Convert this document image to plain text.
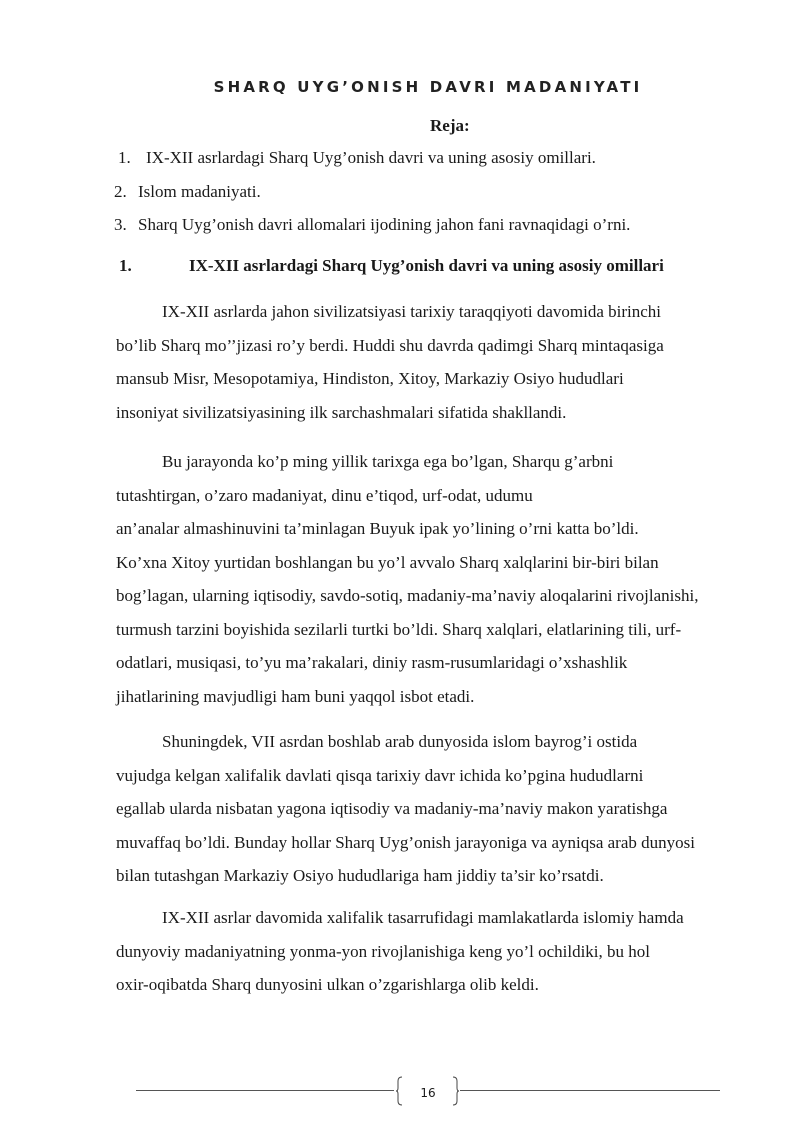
SHARQ UYG’ONISH DAVRI MADANIYATI
Reja:
1. IX-XII asrlardagi Sharq Uyg’onish davri va uning asosiy omillari.
2. Islom madaniyati.
3. Sharq Uyg’onish davri allomalari ijodining jahon fani ravnaqidagi o’rni.
1.	IX-XII asrlardagi Sharq Uyg’onish davri va uning asosiy omillari
IX-XII asrlarda jahon sivilizatsiyasi tarixiy taraqqiyoti davomida birinchi
bo’lib Sharq mo’’jizasi ro’y berdi. Huddi shu davrda qadimgi Sharq mintaqasiga
mansub Misr, Mesopotamiya, Hindiston, Xitoy, Markaziy Osiyo hududlari
insoniyat sivilizatsiyasining ilk sarchashmalari sifatida shakllandi.
Bu jarayonda ko’p ming yillik tarixga ega bo’lgan, Sharqu g’arbni
tutashtirgan, o’zaro madaniyat, dinu e’tiqod, urf-odat, udumu
an’analar almashinuvini ta’minlagan Buyuk ipak yo’lining o’rni katta bo’ldi.
Ko’xna Xitoy yurtidan boshlangan bu yo’l avvalo Sharq xalqlarini bir-biri bilan
bog’lagan, ularning iqtisodiy, savdo-sotiq, madaniy-ma’naviy aloqalarini rivojlanishi,
turmush tarzini boyishida sezilarli turtki bo’ldi. Sharq xalqlari, elatlarining tili, urf-
odatlari, musiqasi, to’yu ma’rakalari, diniy rasm-rusumlaridagi o’xshashlik
jihatlarining mavjudligi ham buni yaqqol isbot etadi.
Shuningdek, VII asrdan boshlab arab dunyosida islom bayrog’i ostida
vujudga kelgan xalifalik davlati qisqa tarixiy davr ichida ko’pgina hududlarni
egallab ularda nisbatan yagona iqtisodiy va madaniy-ma’naviy makon yaratishga
muvaffaq bo’ldi. Bunday hollar Sharq Uyg’onish jarayoniga va ayniqsa arab dunyosi
bilan tutashgan Markaziy Osiyo hududlariga ham jiddiy ta’sir ko’rsatdi.
IX-XII asrlar davomida xalifalik tasarrufidagi mamlakatlarda islomiy hamda
dunyoviy madaniyatning yonma-yon rivojlanishiga keng yo’l ochildiki, bu hol
oxir-oqibatda Sharq dunyosini ulkan o’zgarishlarga olib keldi.
16
